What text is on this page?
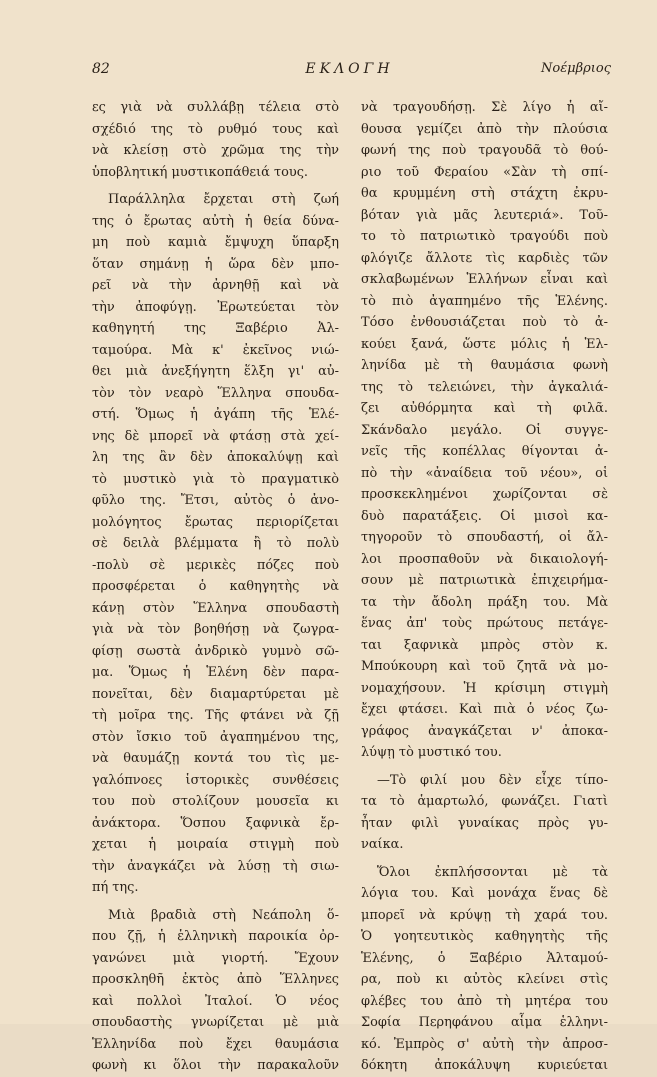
82	ΕΚΛΟΓΗ	Νοέμβριος
ες γιὰ νὰ συλλάβῃ τέλεια στὸ
σχέδιό της τὸ ρυθμό τους καὶ
νὰ κλείσῃ στὸ χρῶμα της τὴν
ὑποβλητική μυστικοπάθειά τους.
Παράλληλα ἔρχεται στὴ ζωή
της ὁ ἔρωτας αὐτὴ ἡ θεία δύνα-
μη ποὺ καμιὰ ἔμψυχη ὕπαρξη
ὅταν σημάνῃ ἡ ὥρα δὲν μπο-
ρεῖ νὰ τὴν ἀρνηθῇ καὶ νὰ
τὴν ἀποφύγῃ. Ἐρωτεύεται τὸν
καθηγητή της Ξαβέριο Ἀλ-
ταμούρα. Μὰ κ' ἐκεῖνος νιώ-
θει μιὰ ἀνεξήγητη ἕλξη γι' αὐ-
τὸν τὸν νεαρὸ Ἕλληνα σπουδα-
στή. Ὅμως ἡ ἀγάπη τῆς Ἑλέ-
νης δὲ μπορεῖ νὰ φτάσῃ στὰ χεί-
λη της ἂν δὲν ἀποκαλύψῃ καὶ
τὸ μυστικὸ γιὰ τὸ πραγματικὸ
φῦλο της. Ἔτσι, αὐτὸς ὁ ἀνο-
μολόγητος ἔρωτας περιορίζεται
σὲ δειλὰ βλέμματα ἢ τὸ πολὺ
-πολὺ σὲ μερικὲς πόζες ποὺ
προσφέρεται ὁ καθηγητὴς νὰ
κάνῃ στὸν Ἕλληνα σπουδαστὴ
γιὰ νὰ τὸν βοηθήσῃ νὰ ζωγρα-
φίσῃ σωστὰ ἀνδρικὸ γυμνὸ σῶ-
μα. Ὅμως ἡ Ἑλένη δὲν παρα-
πονεῖται, δὲν διαμαρτύρεται μὲ
τὴ μοῖρα της. Τῆς φτάνει νὰ ζῇ
στὸν ἴσκιο τοῦ ἀγαπημένου της,
νὰ θαυμάζῃ κοντά του τὶς με-
γαλόπνοες ἱστορικὲς συνθέσεις
του ποὺ στολίζουν μουσεῖα κι
ἀνάκτορα. Ὅσπου ξαφνικὰ ἔρ-
χεται ἡ μοιραία στιγμὴ ποὺ
τὴν ἀναγκάζει νὰ λύσῃ τὴ σιω-
πή της.
Μιὰ βραδιὰ στὴ Νεάπολη ὅ-
που ζῇ, ἡ ἑλληνικὴ παροικία ὀρ-
γανώνει μιὰ γιορτή. Ἔχουν
προσκληθῆ ἐκτὸς ἀπὸ Ἕλληνες
καὶ πολλοὶ Ἰταλοί. Ὁ νέος
σπουδαστὴς γνωρίζεται μὲ μιὰ
Ἑλληνίδα ποὺ ἔχει θαυμάσια
φωνὴ κι ὅλοι τὴν παρακαλοῦν
νὰ τραγουδήσῃ. Σὲ λίγο ἡ αἴ-
θουσα γεμίζει ἀπὸ τὴν πλούσια
φωνή της ποὺ τραγουδᾶ τὸ θού-
ριο τοῦ Φεραίου «Σὰν τὴ σπί-
θα κρυμμένη στὴ στάχτη ἐκρυ-
βόταν γιὰ μᾶς λευτεριά». Τοῦ-
το τὸ πατριωτικὸ τραγούδι ποὺ
φλόγιζε ἄλλοτε τὶς καρδιὲς τῶν
σκλαβωμένων Ἑλλήνων εἶναι καὶ
τὸ πιὸ ἀγαπημένο τῆς Ἑλένης.
Τόσο ἐνθουσιάζεται ποὺ τὸ ἀ-
κούει ξανά, ὥστε μόλις ἡ Ἑλ-
ληνίδα μὲ τὴ θαυμάσια φωνὴ
της τὸ τελειώνει, τὴν ἀγκαλιά-
ζει αὐθόρμητα καὶ τὴ φιλᾶ.
Σκάνδαλο μεγάλο. Οἱ συγγε-
νεῖς τῆς κοπέλλας θίγονται ἀ-
πὸ τὴν «ἀναίδεια τοῦ νέου», οἱ
προσκεκλημένοι χωρίζονται σὲ
δυὸ παρατάξεις. Οἱ μισοὶ κα-
τηγοροῦν τὸ σπουδαστή, οἱ ἄλ-
λοι προσπαθοῦν νὰ δικαιολογή-
σουν μὲ πατριωτικὰ ἐπιχειρήμα-
τα τὴν ἄδολη πράξη του. Μὰ
ἕνας ἀπ' τοὺς πρώτους πετάγε-
ται ξαφνικὰ μπρὸς στὸν κ.
Μπούκουρη καὶ τοῦ ζητᾶ νὰ μο-
νομαχήσουν. Ἡ κρίσιμη στιγμὴ
ἔχει φτάσει. Καὶ πιὰ ὁ νέος ζω-
γράφος ἀναγκάζεται ν' ἀποκα-
λύψῃ τὸ μυστικό του.
—Τὸ φιλί μου δὲν εἶχε τίπο-
τα τὸ ἁμαρτωλό, φωνάζει. Γιατὶ
ἦταν φιλὶ γυναίκας πρὸς γυ-
ναίκα.
Ὅλοι ἐκπλήσσονται μὲ τὰ
λόγια του. Καὶ μονάχα ἕνας δὲ
μπορεῖ νὰ κρύψῃ τὴ χαρά του.
Ὁ γοητευτικὸς καθηγητὴς τῆς
Ἑλένης, ὁ Ξαβέριο Ἀλταμού-
ρα, ποὺ κι αὐτὸς κλείνει στὶς
φλέβες του ἀπὸ τὴ μητέρα του
Σοφία Περηφάνου αἷμα ἑλληνι-
κό. Ἐμπρὸς σ' αὐτὴ τὴν ἀπροσ-
δόκητη ἀποκάλυψη κυριεύεται
